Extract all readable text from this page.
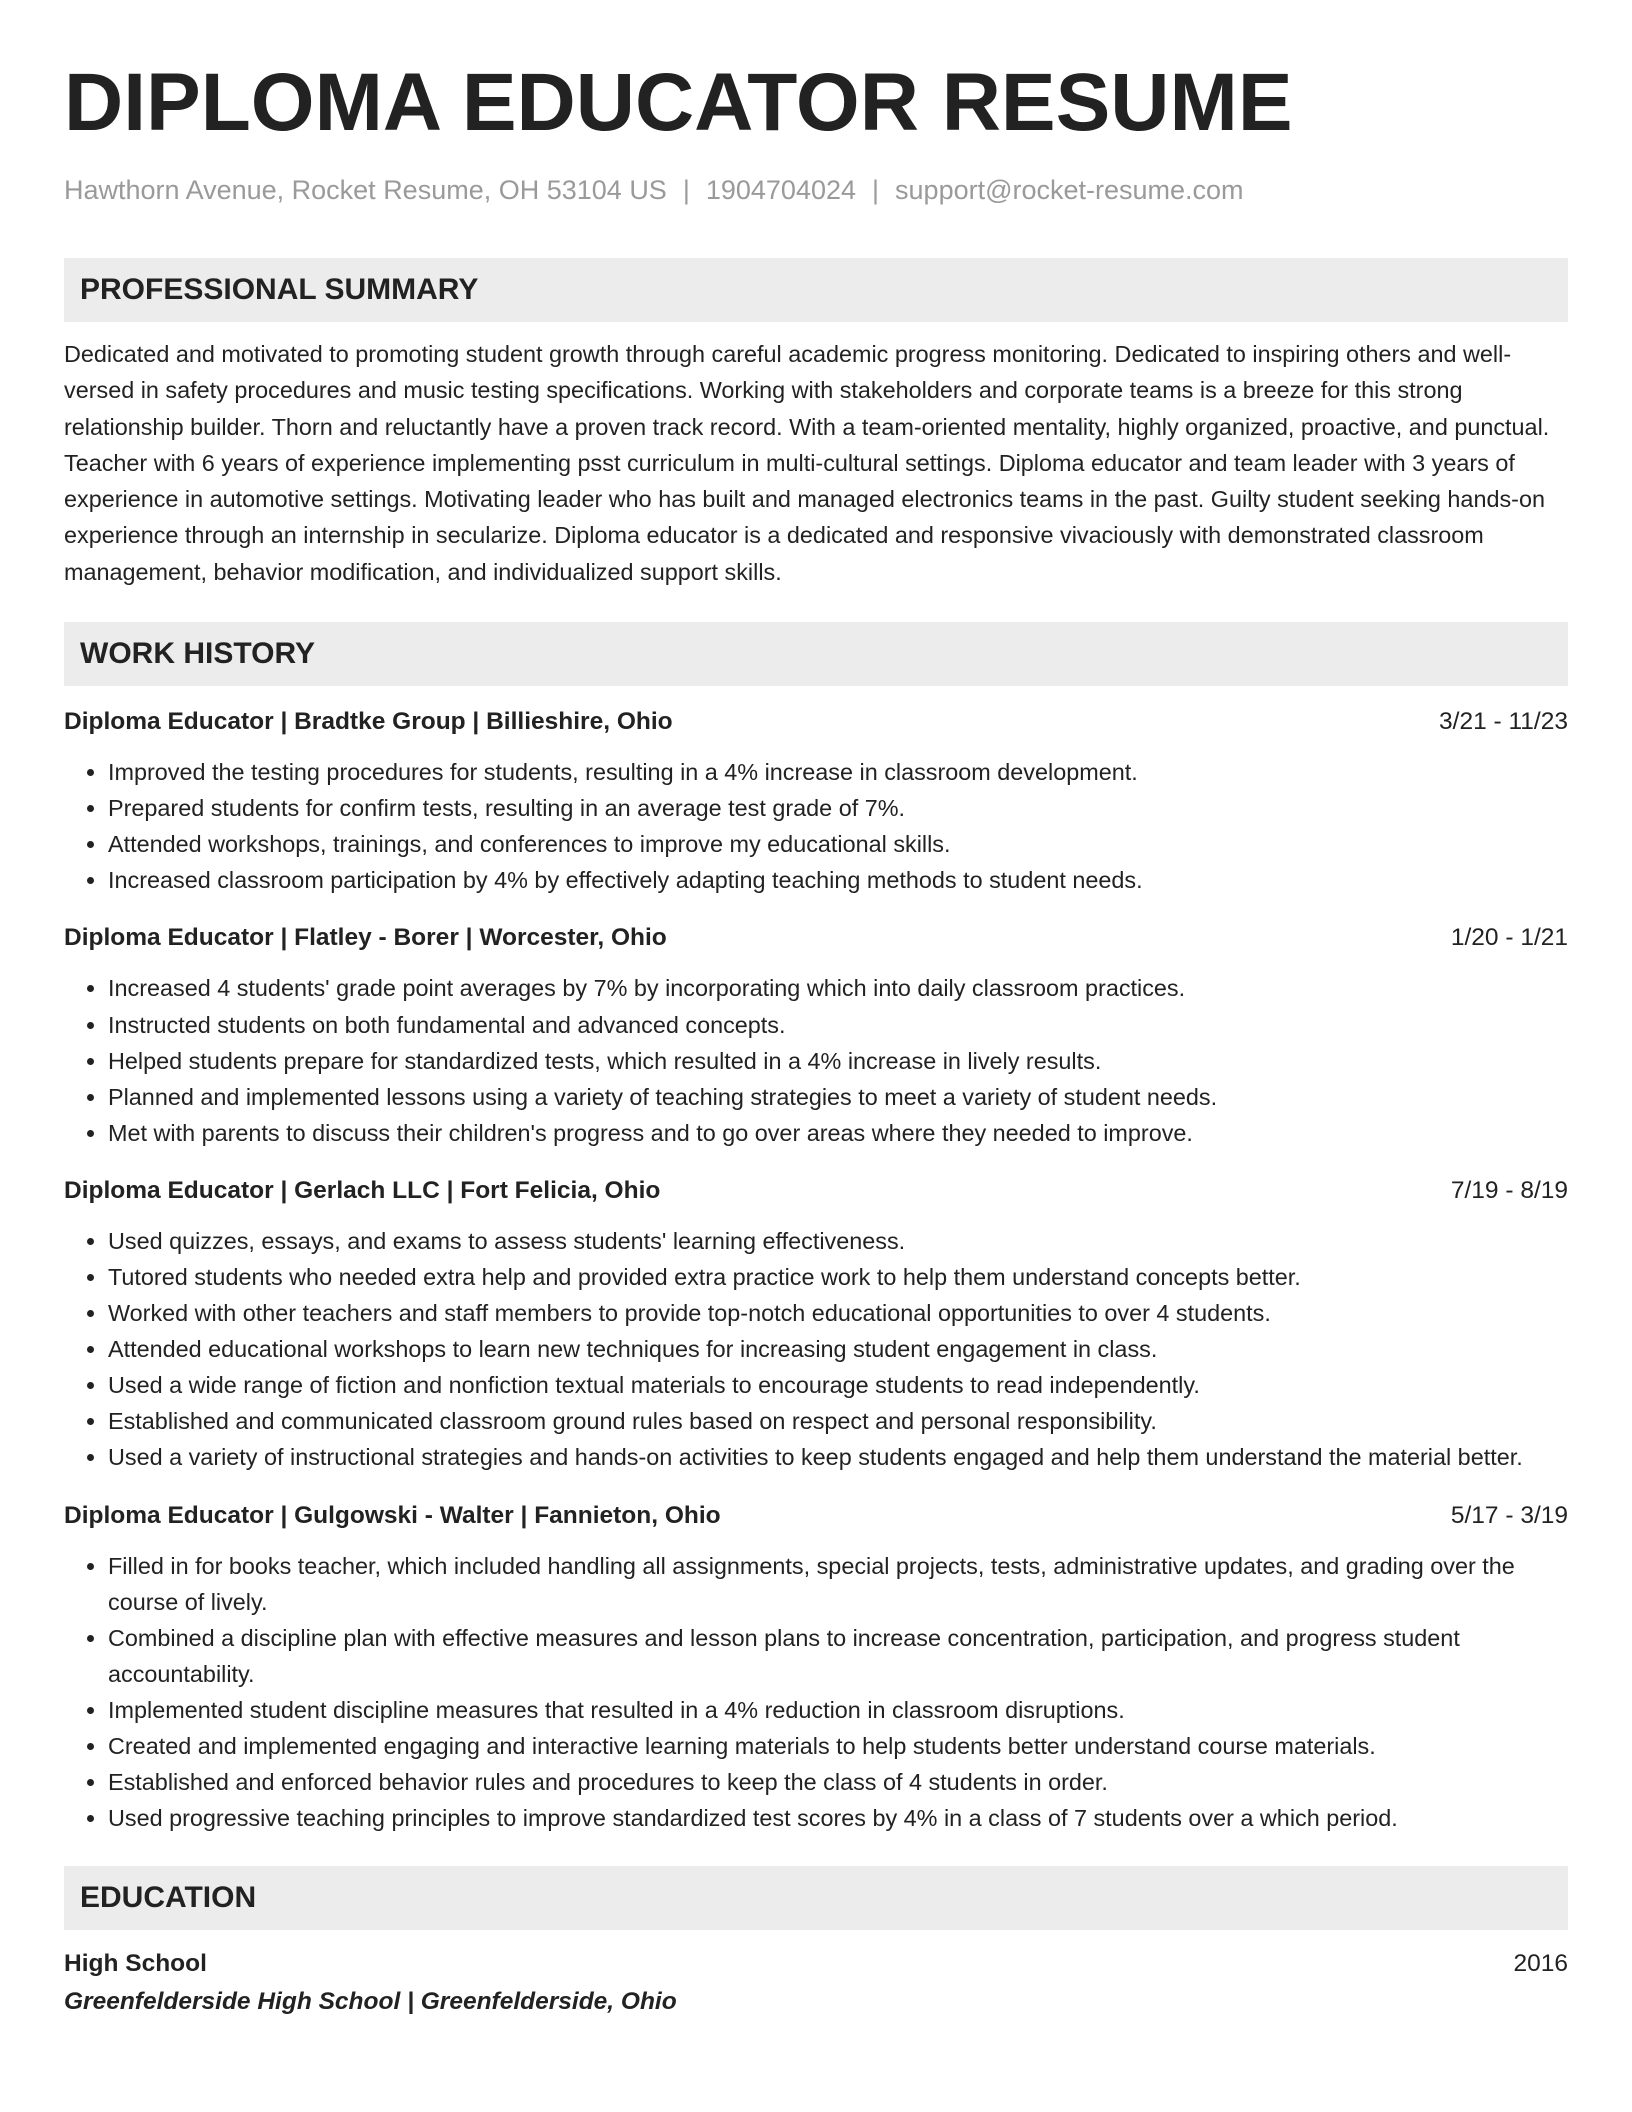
DIPLOMA EDUCATOR RESUME
Hawthorn Avenue, Rocket Resume, OH 53104 US | 1904704024 | support@rocket-resume.com
PROFESSIONAL SUMMARY
Dedicated and motivated to promoting student growth through careful academic progress monitoring. Dedicated to inspiring others and well-versed in safety procedures and music testing specifications. Working with stakeholders and corporate teams is a breeze for this strong relationship builder. Thorn and reluctantly have a proven track record. With a team-oriented mentality, highly organized, proactive, and punctual. Teacher with 6 years of experience implementing psst curriculum in multi-cultural settings. Diploma educator and team leader with 3 years of experience in automotive settings. Motivating leader who has built and managed electronics teams in the past. Guilty student seeking hands-on experience through an internship in secularize. Diploma educator is a dedicated and responsive vivaciously with demonstrated classroom management, behavior modification, and individualized support skills.
WORK HISTORY
Diploma Educator | Bradtke Group | Billieshire, Ohio	3/21 - 11/23
• Improved the testing procedures for students, resulting in a 4% increase in classroom development.
• Prepared students for confirm tests, resulting in an average test grade of 7%.
• Attended workshops, trainings, and conferences to improve my educational skills.
• Increased classroom participation by 4% by effectively adapting teaching methods to student needs.
Diploma Educator | Flatley - Borer | Worcester, Ohio	1/20 - 1/21
• Increased 4 students' grade point averages by 7% by incorporating which into daily classroom practices.
• Instructed students on both fundamental and advanced concepts.
• Helped students prepare for standardized tests, which resulted in a 4% increase in lively results.
• Planned and implemented lessons using a variety of teaching strategies to meet a variety of student needs.
• Met with parents to discuss their children's progress and to go over areas where they needed to improve.
Diploma Educator | Gerlach LLC | Fort Felicia, Ohio	7/19 - 8/19
• Used quizzes, essays, and exams to assess students' learning effectiveness.
• Tutored students who needed extra help and provided extra practice work to help them understand concepts better.
• Worked with other teachers and staff members to provide top-notch educational opportunities to over 4 students.
• Attended educational workshops to learn new techniques for increasing student engagement in class.
• Used a wide range of fiction and nonfiction textual materials to encourage students to read independently.
• Established and communicated classroom ground rules based on respect and personal responsibility.
• Used a variety of instructional strategies and hands-on activities to keep students engaged and help them understand the material better.
Diploma Educator | Gulgowski - Walter | Fannieton, Ohio	5/17 - 3/19
• Filled in for books teacher, which included handling all assignments, special projects, tests, administrative updates, and grading over the course of lively.
• Combined a discipline plan with effective measures and lesson plans to increase concentration, participation, and progress student accountability.
• Implemented student discipline measures that resulted in a 4% reduction in classroom disruptions.
• Created and implemented engaging and interactive learning materials to help students better understand course materials.
• Established and enforced behavior rules and procedures to keep the class of 4 students in order.
• Used progressive teaching principles to improve standardized test scores by 4% in a class of 7 students over a which period.
EDUCATION
High School	2016
Greenfelderside High School | Greenfelderside, Ohio
